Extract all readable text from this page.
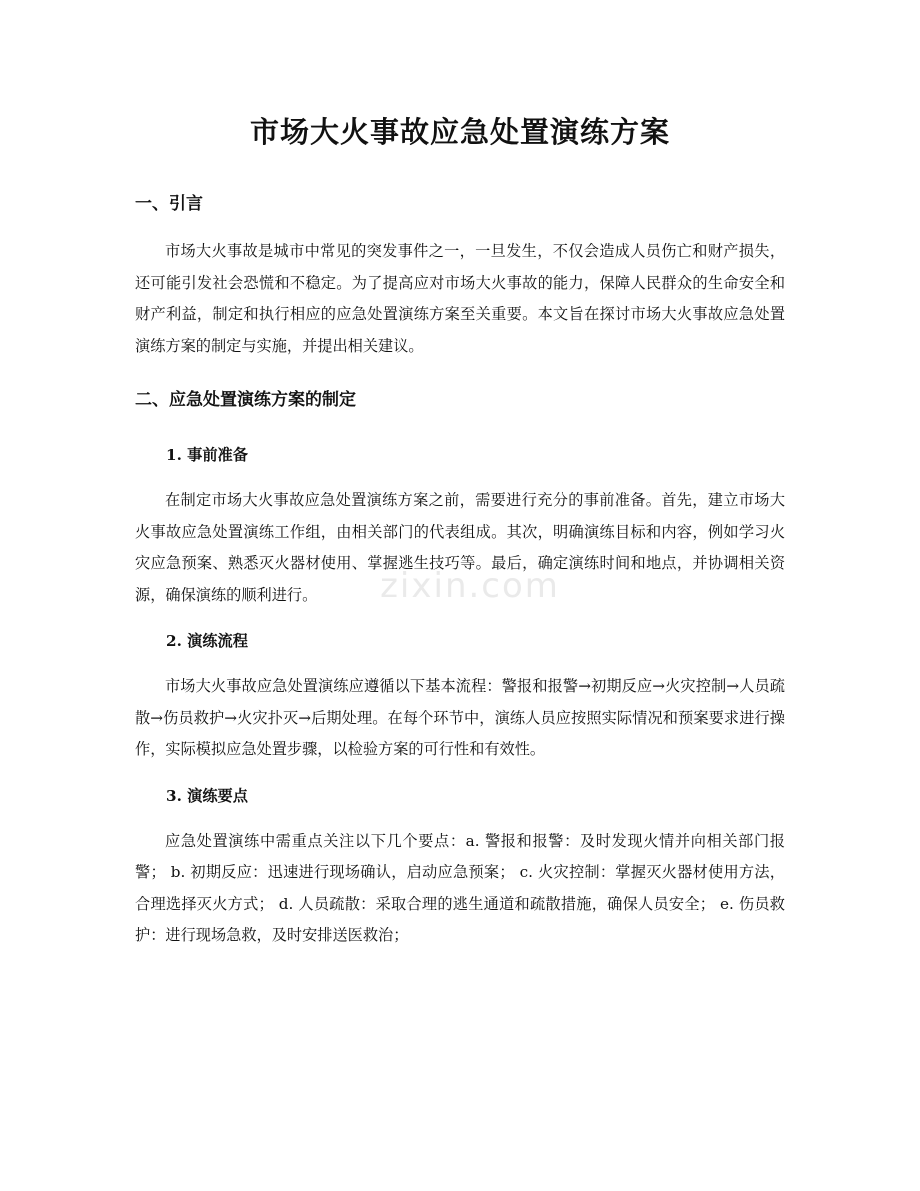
zixin.com
市场大火事故应急处置演练方案
一、引言

市场大火事故是城市中常见的突发事件之一，一旦发生，不仅会造成人员伤亡和财产损失，还可能引发社会恐慌和不稳定。为了提高应对市场大火事故的能力，保障人民群众的生命安全和财产利益，制定和执行相应的应急处置演练方案至关重要。本文旨在探讨市场大火事故应急处置演练方案的制定与实施，并提出相关建议。

二、应急处置演练方案的制定
1. 事前准备

在制定市场大火事故应急处置演练方案之前，需要进行充分的事前准备。首先，建立市场大火事故应急处置演练工作组，由相关部门的代表组成。其次，明确演练目标和内容，例如学习火灾应急预案、熟悉灭火器材使用、掌握逃生技巧等。最后，确定演练时间和地点，并协调相关资源，确保演练的顺利进行。

2. 演练流程

市场大火事故应急处置演练应遵循以下基本流程：警报和报警→初期反应→火灾控制→人员疏散→伤员救护→火灾扑灭→后期处理。在每个环节中，演练人员应按照实际情况和预案要求进行操作，实际模拟应急处置步骤，以检验方案的可行性和有效性。

3. 演练要点

应急处置演练中需重点关注以下几个要点：a. 警报和报警：及时发现火情并向相关部门报警； b. 初期反应：迅速进行现场确认，启动应急预案； c. 火灾控制：掌握灭火器材使用方法，合理选择灭火方式； d. 人员疏散：采取合理的逃生通道和疏散措施，确保人员安全； e. 伤员救护：进行现场急救，及时安排送医救治；
